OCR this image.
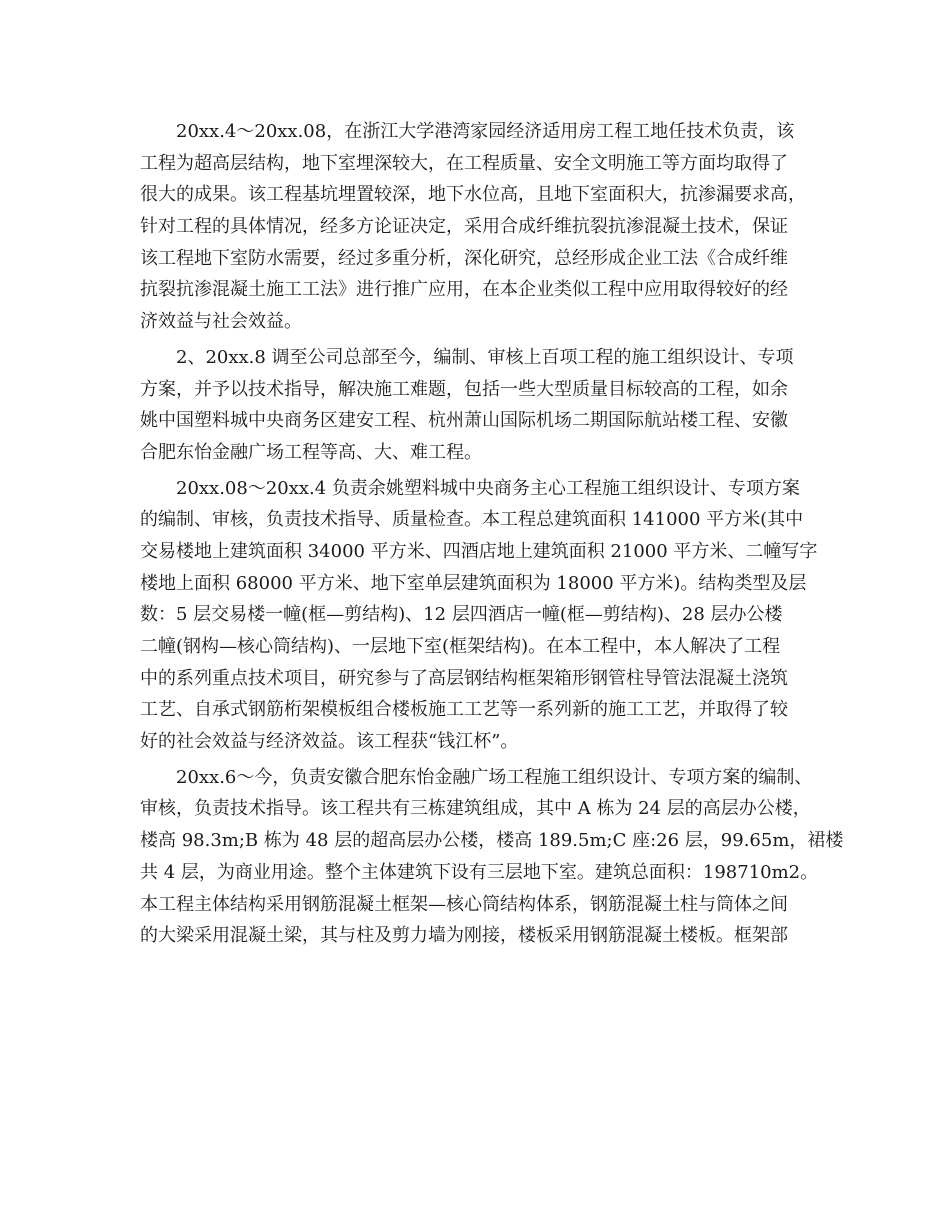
20xx.4～20xx.08，在浙江大学港湾家园经济适用房工程工地任技术负责，该
工程为超高层结构，地下室埋深较大，在工程质量、安全文明施工等方面均取得了
很大的成果。该工程基坑埋置较深，地下水位高，且地下室面积大，抗渗漏要求高，
针对工程的具体情况，经多方论证决定，采用合成纤维抗裂抗渗混凝土技术，保证
该工程地下室防水需要，经过多重分析，深化研究，总经形成企业工法《合成纤维
抗裂抗渗混凝土施工工法》进行推广应用，在本企业类似工程中应用取得较好的经
济效益与社会效益。

2、20xx.8 调至公司总部至今，编制、审核上百项工程的施工组织设计、专项
方案，并予以技术指导，解决施工难题，包括一些大型质量目标较高的工程，如余
姚中国塑料城中央商务区建安工程、杭州萧山国际机场二期国际航站楼工程、安徽
合肥东怡金融广场工程等高、大、难工程。

20xx.08～20xx.4 负责余姚塑料城中央商务主心工程施工组织设计、专项方案
的编制、审核，负责技术指导、质量检查。本工程总建筑面积 141000 平方米(其中
交易楼地上建筑面积 34000 平方米、四酒店地上建筑面积 21000 平方米、二幢写字
楼地上面积 68000 平方米、地下室单层建筑面积为 18000 平方米)。结构类型及层
数：5 层交易楼一幢(框—剪结构)、12 层四酒店一幢(框—剪结构)、28 层办公楼
二幢(钢构—核心筒结构)、一层地下室(框架结构)。在本工程中，本人解决了工程
中的系列重点技术项目，研究参与了高层钢结构框架箱形钢管柱导管法混凝土浇筑
工艺、自承式钢筋桁架模板组合楼板施工工艺等一系列新的施工工艺，并取得了较
好的社会效益与经济效益。该工程获“钱江杯”。

20xx.6～今，负责安徽合肥东怡金融广场工程施工组织设计、专项方案的编制、
审核，负责技术指导。该工程共有三栋建筑组成，其中 A 栋为 24 层的高层办公楼，
楼高 98.3m;B 栋为 48 层的超高层办公楼，楼高 189.5m;C 座:26 层，99.65m，裙楼
共 4 层，为商业用途。整个主体建筑下设有三层地下室。建筑总面积：198710m2。
本工程主体结构采用钢筋混凝土框架—核心筒结构体系，钢筋混凝土柱与筒体之间
的大梁采用混凝土梁，其与柱及剪力墙为刚接，楼板采用钢筋混凝土楼板。框架部
